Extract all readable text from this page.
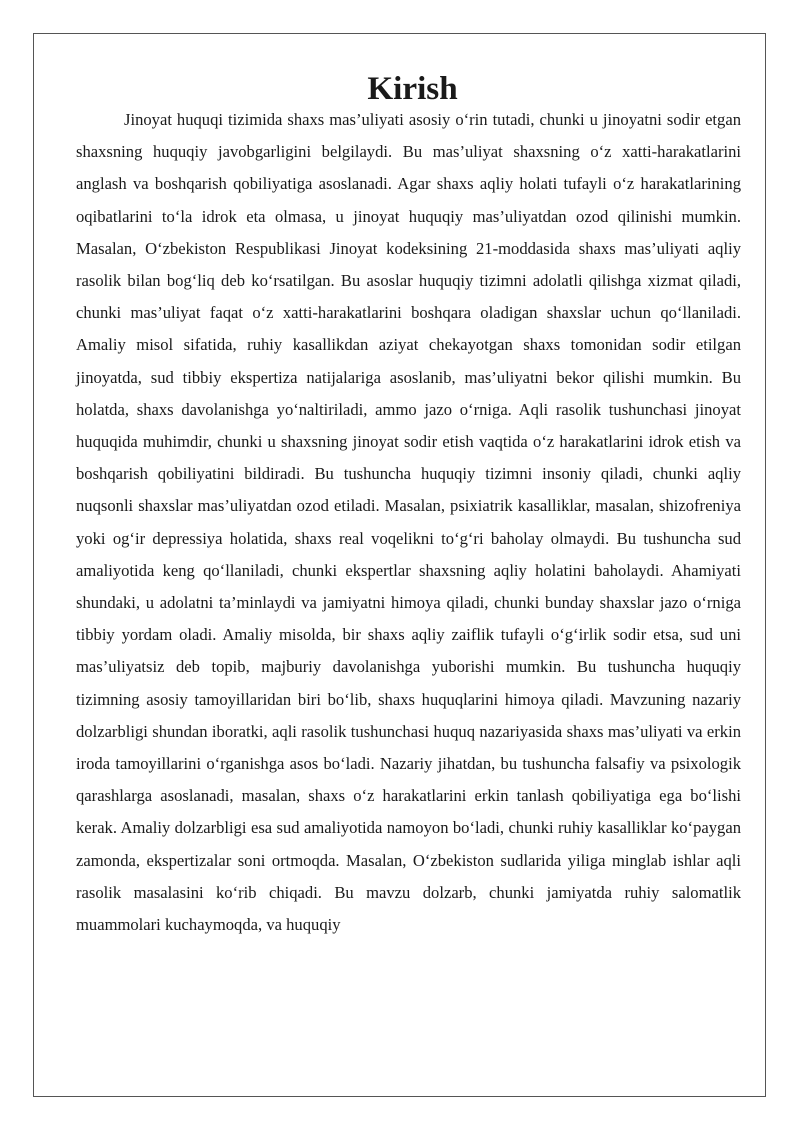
Kirish

Jinoyat huquqi tizimida shaxs mas’uliyati asosiy o‘rin tutadi, chunki u jinoyatni sodir etgan shaxsning huquqiy javobgarligini belgilaydi. Bu mas’uliyat shaxsning o‘z xatti-harakatlarini anglash va boshqarish qobiliyatiga asoslanadi. Agar shaxs aqliy holati tufayli o‘z harakatlarining oqibatlarini to‘la idrok eta olmasa, u jinoyat huquqiy mas’uliyatdan ozod qilinishi mumkin. Masalan, O‘zbekiston Respublikasi Jinoyat kodeksining 21-moddasida shaxs mas’uliyati aqliy rasolik bilan bog‘liq deb ko‘rsatilgan. Bu asoslar huquqiy tizimni adolatli qilishga xizmat qiladi, chunki mas’uliyat faqat o‘z xatti-harakatlarini boshqara oladigan shaxslar uchun qo‘llaniladi. Amaliy misol sifatida, ruhiy kasallikdan aziyat chekayotgan shaxs tomonidan sodir etilgan jinoyatda, sud tibbiy ekspertiza natijalariga asoslanib, mas’uliyatni bekor qilishi mumkin. Bu holatda, shaxs davolanishga yo‘naltiriladi, ammo jazo o‘rniga. Aqli rasolik tushunchasi jinoyat huquqida muhimdir, chunki u shaxsning jinoyat sodir etish vaqtida o‘z harakatlarini idrok etish va boshqarish qobiliyatini bildiradi. Bu tushuncha huquqiy tizimni insoniy qiladi, chunki aqliy nuqsonli shaxslar mas’uliyatdan ozod etiladi. Masalan, psixiatrik kasalliklar, masalan, shizofreniya yoki og‘ir depressiya holatida, shaxs real voqelikni to‘g‘ri baholay olmaydi. Bu tushuncha sud amaliyotida keng qo‘llaniladi, chunki ekspertlar shaxsning aqliy holatini baholaydi. Ahamiyati shundaki, u adolatni ta’minlaydi va jamiyatni himoya qiladi, chunki bunday shaxslar jazo o‘rniga tibbiy yordam oladi. Amaliy misolda, bir shaxs aqliy zaiflik tufayli o‘g‘irlik sodir etsa, sud uni mas’uliyatsiz deb topib, majburiy davolanishga yuborishi mumkin. Bu tushuncha huquqiy tizimning asosiy tamoyillaridan biri bo‘lib, shaxs huquqlarini himoya qiladi. Mavzuning nazariy dolzarbligi shundan iboratki, aqli rasolik tushunchasi huquq nazariyasida shaxs mas’uliyati va erkin iroda tamoyillarini o‘rganishga asos bo‘ladi. Nazariy jihatdan, bu tushuncha falsafiy va psixologik qarashlarga asoslanadi, masalan, shaxs o‘z harakatlarini erkin tanlash qobiliyatiga ega bo‘lishi kerak. Amaliy dolzarbligi esa sud amaliyotida namoyon bo‘ladi, chunki ruhiy kasalliklar ko‘paygan zamonda, ekspertizalar soni ortmoqda. Masalan, O‘zbekiston sudlarida yiliga minglab ishlar aqli rasolik masalasini ko‘rib chiqadi. Bu mavzu dolzarb, chunki jamiyatda ruhiy salomatlik muammolari kuchaymoqda, va huquqiy
